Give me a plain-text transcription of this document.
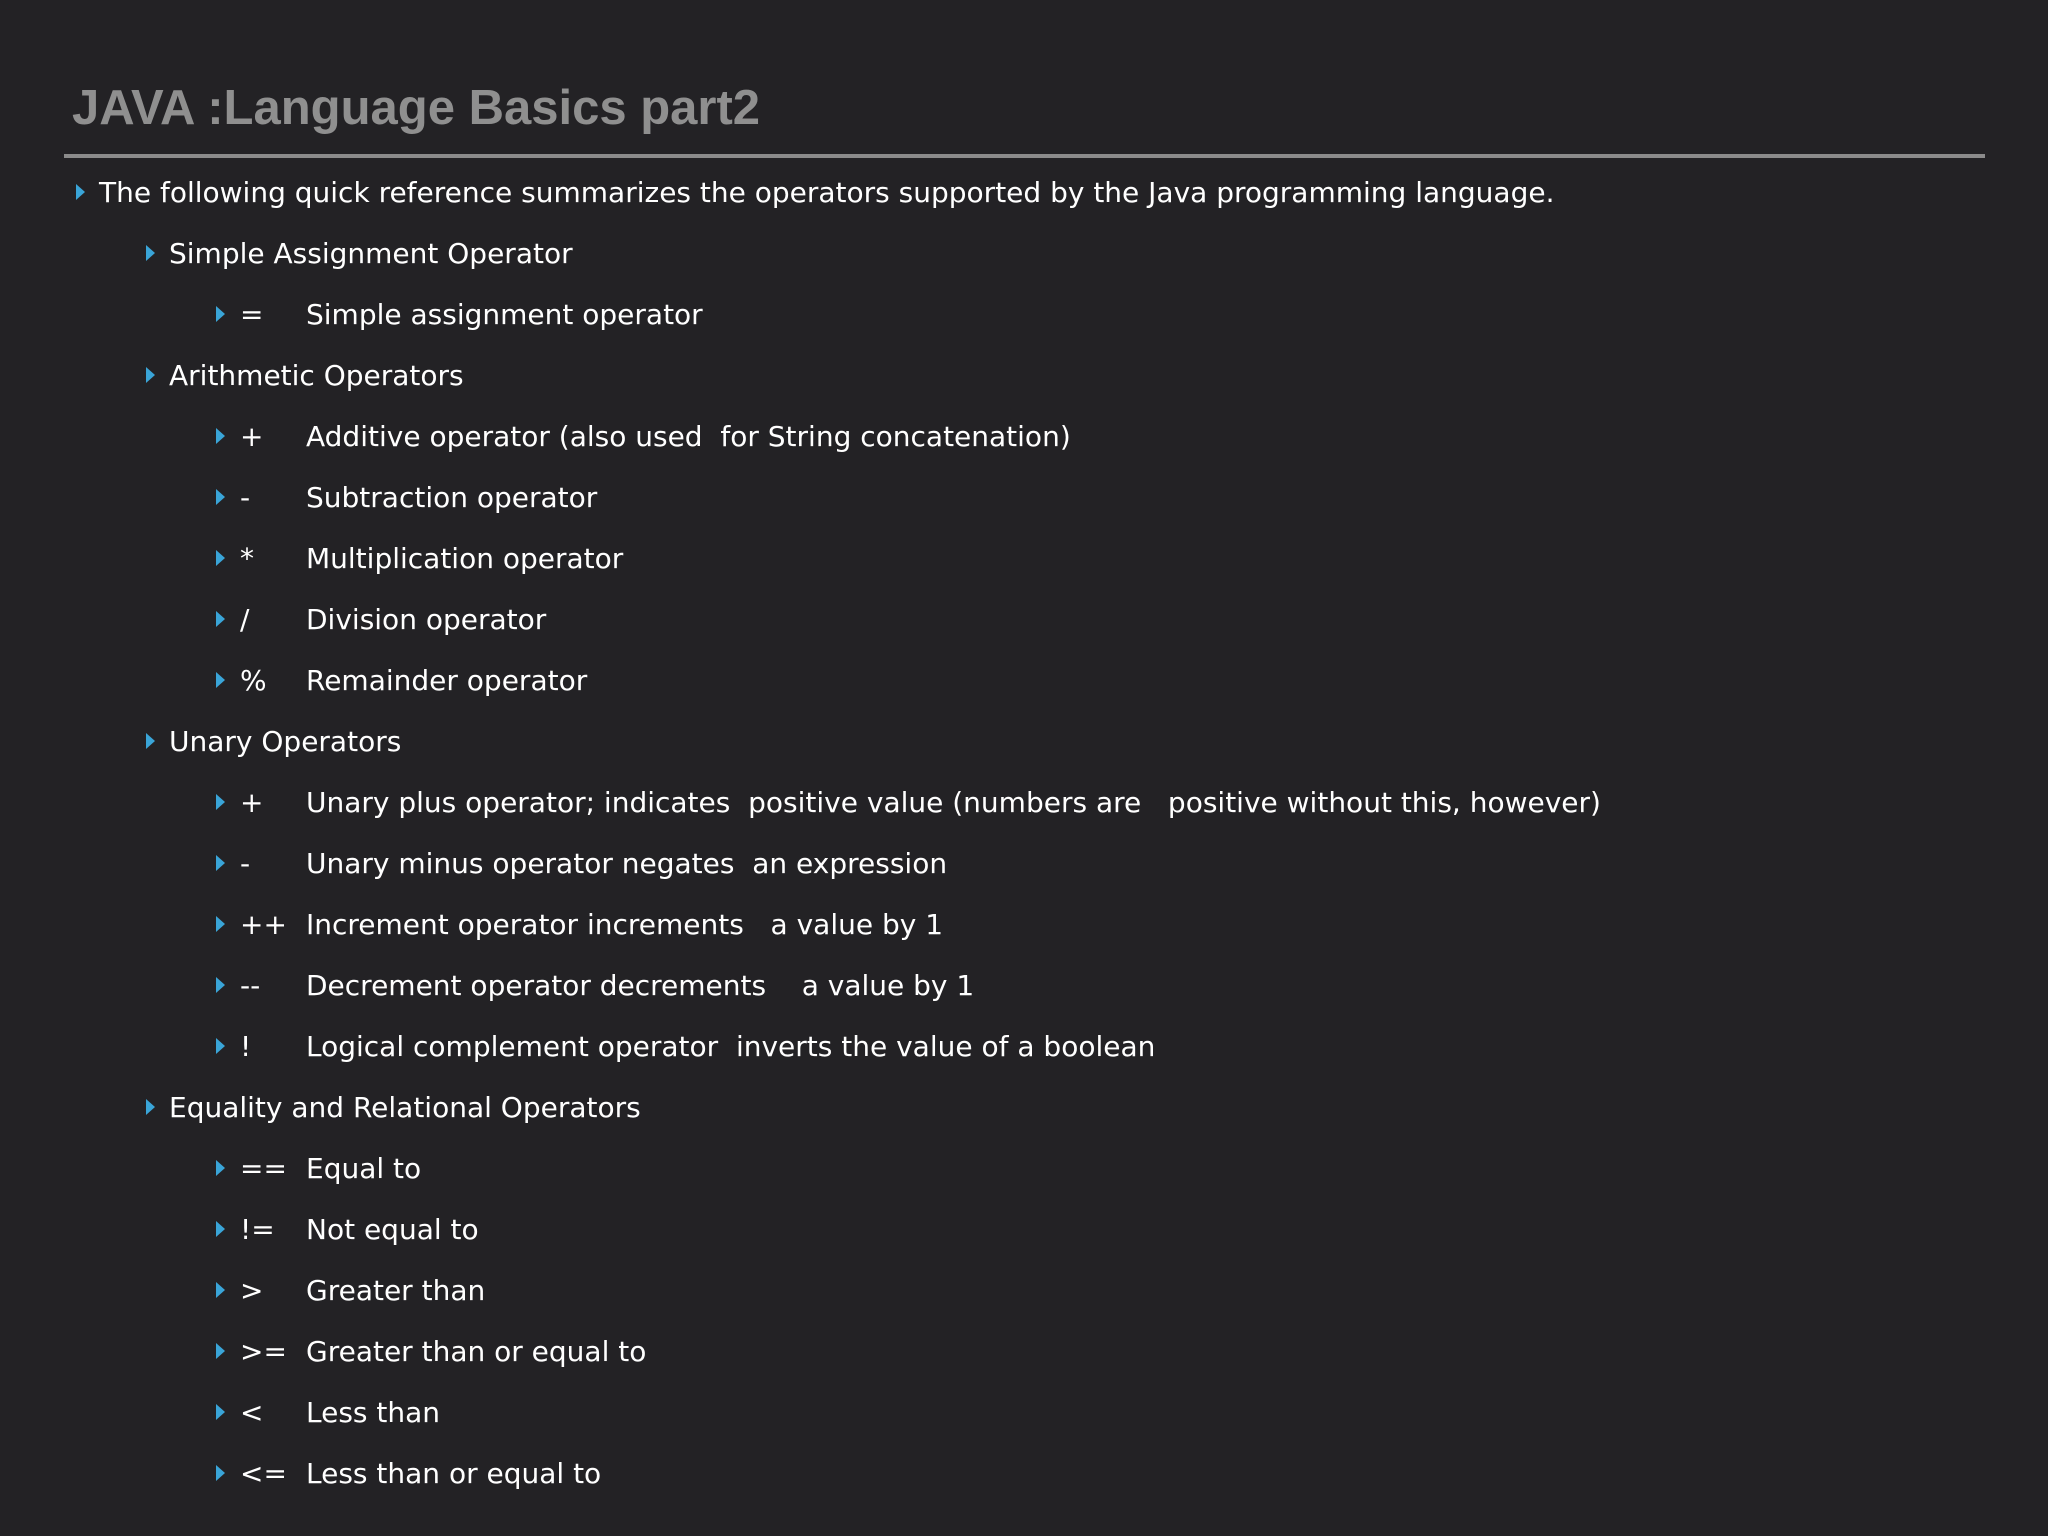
JAVA :Language Basics part2
The following quick reference summarizes the operators supported by the Java programming language.
Simple Assignment Operator
=	Simple assignment operator
Arithmetic Operators
+	Additive operator (also used  for String concatenation)
-	Subtraction operator
*	Multiplication operator
/	Division operator
%	Remainder operator
Unary Operators
+	Unary plus operator; indicates  positive value (numbers are   positive without this, however)
-	Unary minus operator negates  an expression
++ Increment operator increments   a value by 1
--	Decrement operator decrements    a value by 1
!	Logical complement operator  inverts the value of a boolean
Equality and Relational Operators
== Equal to
!=	Not equal to
>	Greater than
>= Greater than or equal to
<	Less than
<= Less than or equal to
